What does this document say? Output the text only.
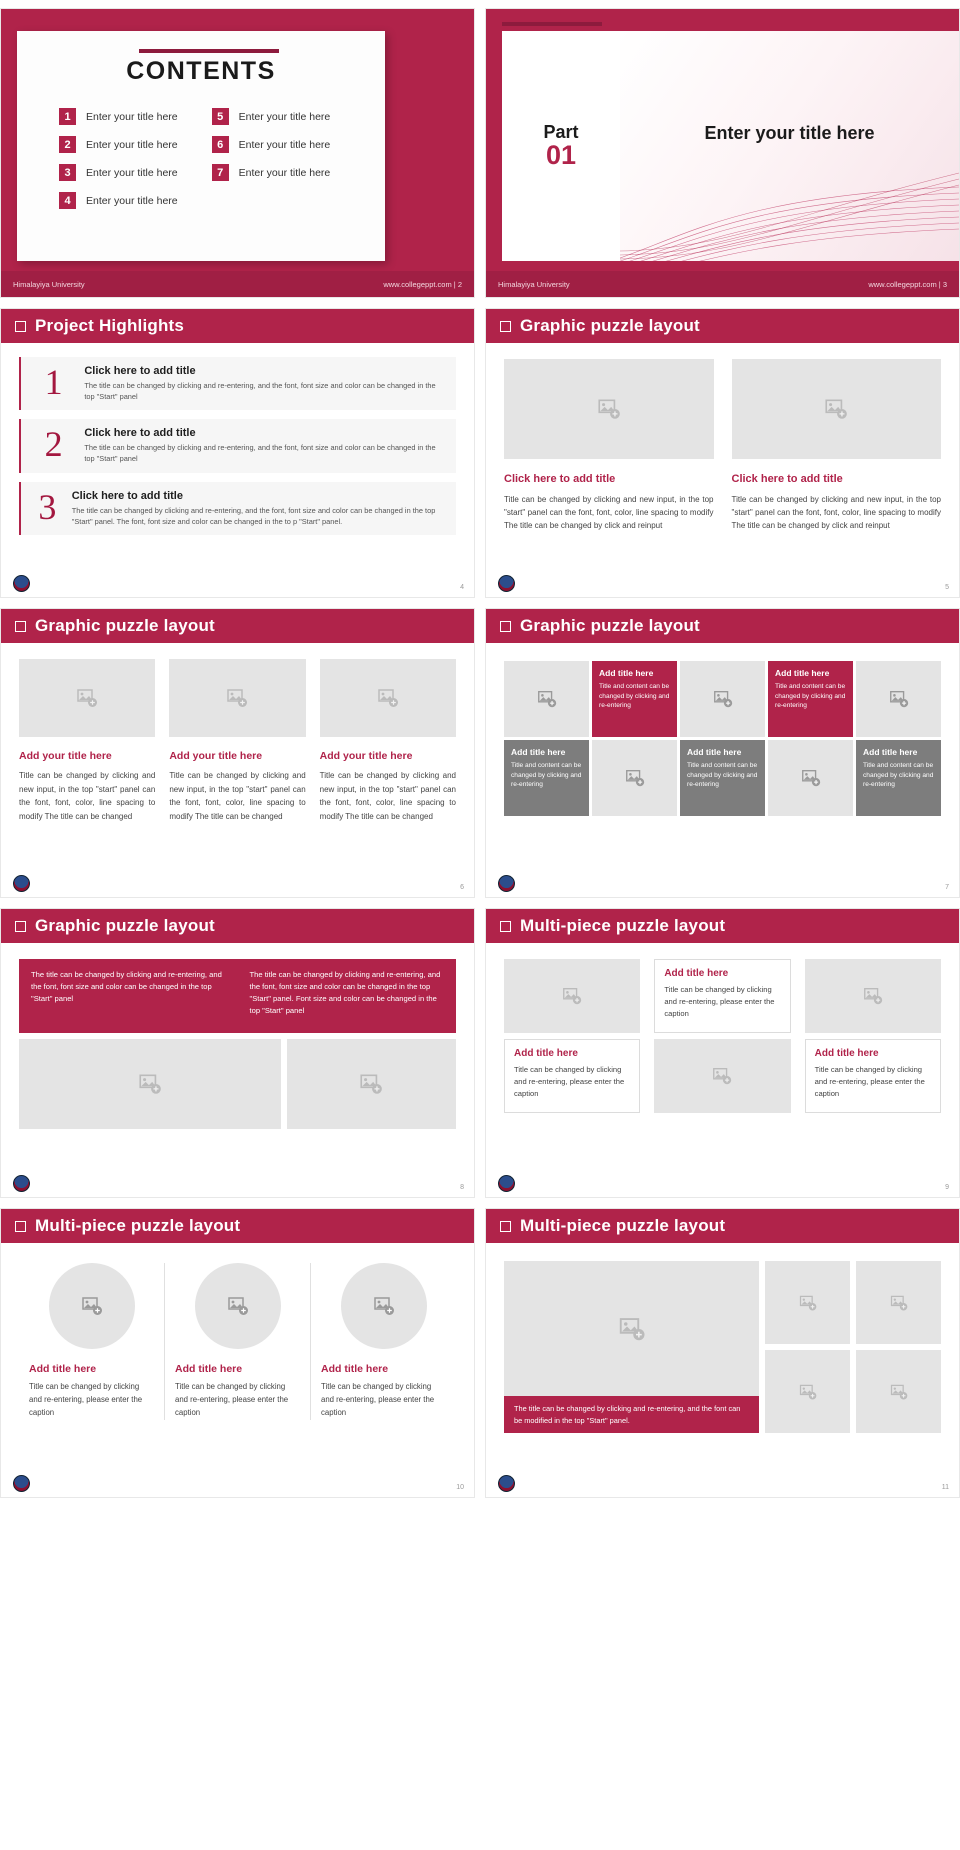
CONTENTS
1	Enter your title here
2	Enter your title here
3	Enter your title here
4	Enter your title here
5	Enter your title here
6	Enter your title here
7	Enter your title here
Himalayiya University	www.collegeppt.com | 2
Part
01
Enter your title here
Himalayiya University	www.collegeppt.com | 3
Project Highlights
1	Click here to add title
The title can be changed by clicking and re-entering, and the font, font size and color can be changed in the top "Start" panel
2	Click here to add title
The title can be changed by clicking and re-entering, and the font, font size and color can be changed in the top "Start" panel
3	Click here to add title
The title can be changed by clicking and re-entering, and the font, font size and color can be changed in the top "Start" panel. The font, font size and color can be changed in the to p "Start" panel.
4
Graphic puzzle layout
Click here to add title
Title can be changed by clicking and new input, in the top "start" panel can the font, font, color, line spacing to modify The title can be changed by click and reinput
Click here to add title
Title can be changed by clicking and new input, in the top "start" panel can the font, font, color, line spacing to modify The title can be changed by click and reinput
5
Graphic puzzle layout
Add your title here
Title can be changed by clicking and new input, in the top "start" panel can the font, font, color, line spacing to modify The title can be changed
Add your title here
Title can be changed by clicking and new input, in the top "start" panel can the font, font, color, line spacing to modify The title can be changed
Add your title here
Title can be changed by clicking and new input, in the top "start" panel can the font, font, color, line spacing to modify The title can be changed
6
Graphic puzzle layout
Add title here
Title and content can be changed by clicking and re-entering
Add title here
Title and content can be changed by clicking and re-entering
Add title here
Title and content can be changed by clicking and re-entering
Add title here
Title and content can be changed by clicking and re-entering
Add title here
Title and content can be changed by clicking and re-entering
7
Graphic puzzle layout
The title can be changed by clicking and re-entering, and the font, font size and color can be changed in the top "Start" panel
The title can be changed by clicking and re-entering, and the font, font size and color can be changed in the top "Start" panel. Font size and color can be changed in the top "Start" panel
8
Multi-piece puzzle layout
Add title here
Title can be changed by clicking and re-entering, please enter the caption
Add title here
Title can be changed by clicking and re-entering, please enter the caption
Add title here
Title can be changed by clicking and re-entering, please enter the caption
9
Multi-piece puzzle layout
Add title here
Title can be changed by clicking and re-entering, please enter the caption
Add title here
Title can be changed by clicking and re-entering, please enter the caption
Add title here
Title can be changed by clicking and re-entering, please enter the caption
10
Multi-piece puzzle layout
The title can be changed by clicking and re-entering, and the font can be modified in the top "Start" panel.
11
